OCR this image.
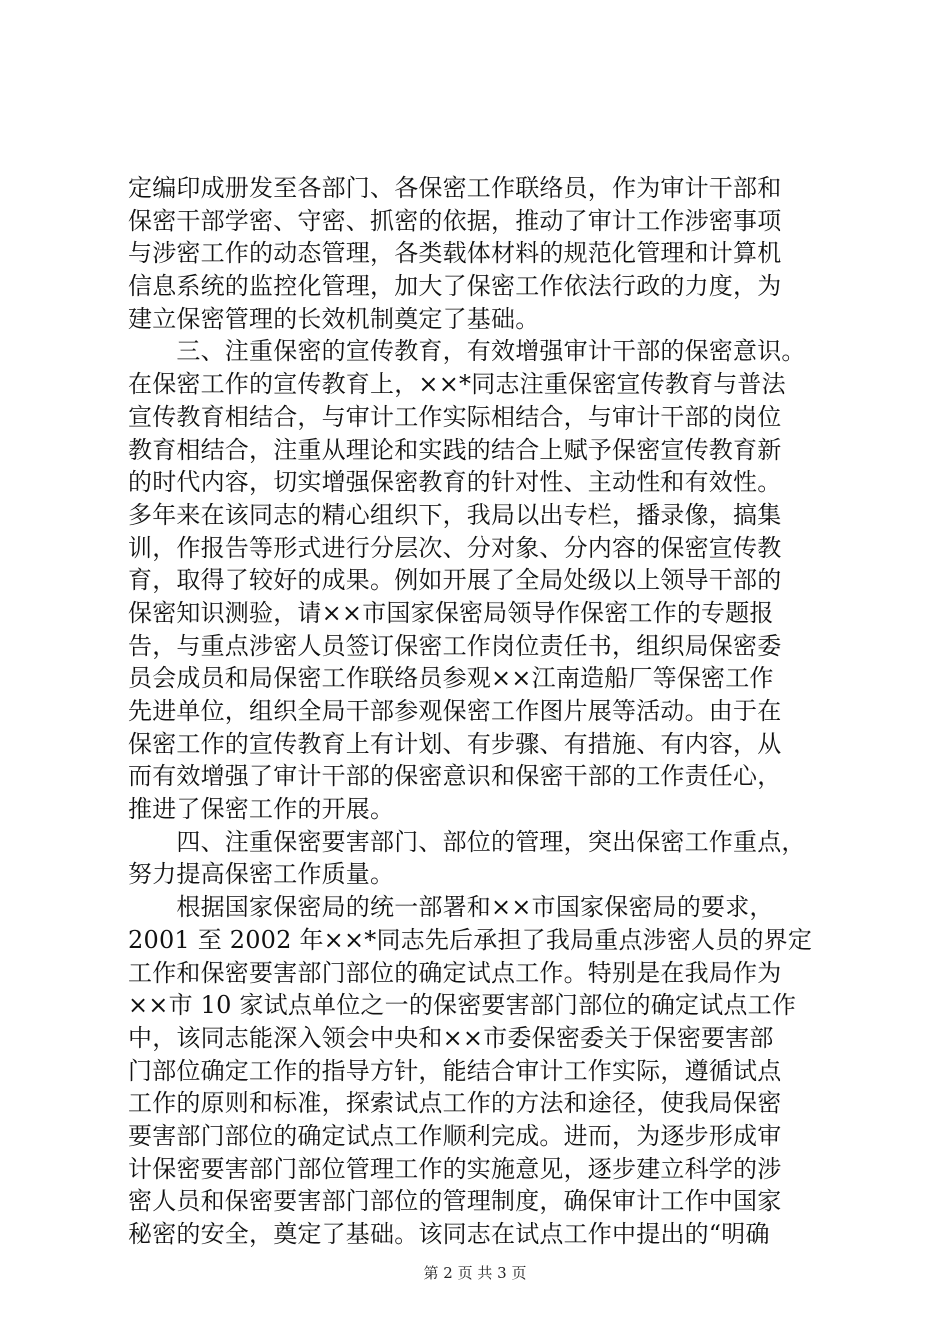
定编印成册发至各部门、各保密工作联络员，作为审计干部和
保密干部学密、守密、抓密的依据，推动了审计工作涉密事项
与涉密工作的动态管理，各类载体材料的规范化管理和计算机
信息系统的监控化管理，加大了保密工作依法行政的力度，为
建立保密管理的长效机制奠定了基础。
　　三、注重保密的宣传教育，有效增强审计干部的保密意识。
在保密工作的宣传教育上，××*同志注重保密宣传教育与普法
宣传教育相结合，与审计工作实际相结合，与审计干部的岗位
教育相结合，注重从理论和实践的结合上赋予保密宣传教育新
的时代内容，切实增强保密教育的针对性、主动性和有效性。
多年来在该同志的精心组织下，我局以出专栏，播录像，搞集
训，作报告等形式进行分层次、分对象、分内容的保密宣传教
育，取得了较好的成果。例如开展了全局处级以上领导干部的
保密知识测验，请××市国家保密局领导作保密工作的专题报
告，与重点涉密人员签订保密工作岗位责任书，组织局保密委
员会成员和局保密工作联络员参观××江南造船厂等保密工作
先进单位，组织全局干部参观保密工作图片展等活动。由于在
保密工作的宣传教育上有计划、有步骤、有措施、有内容，从
而有效增强了审计干部的保密意识和保密干部的工作责任心，
推进了保密工作的开展。
　　四、注重保密要害部门、部位的管理，突出保密工作重点，
努力提高保密工作质量。
　　根据国家保密局的统一部署和××市国家保密局的要求，
2001 至 2002 年××*同志先后承担了我局重点涉密人员的界定
工作和保密要害部门部位的确定试点工作。特别是在我局作为
××市 10 家试点单位之一的保密要害部门部位的确定试点工作
中，该同志能深入领会中央和××市委保密委关于保密要害部
门部位确定工作的指导方针，能结合审计工作实际，遵循试点
工作的原则和标准，探索试点工作的方法和途径，使我局保密
要害部门部位的确定试点工作顺利完成。进而，为逐步形成审
计保密要害部门部位管理工作的实施意见，逐步建立科学的涉
密人员和保密要害部门部位的管理制度，确保审计工作中国家
秘密的安全，奠定了基础。该同志在试点工作中提出的“明确
第 2 页 共 3 页
